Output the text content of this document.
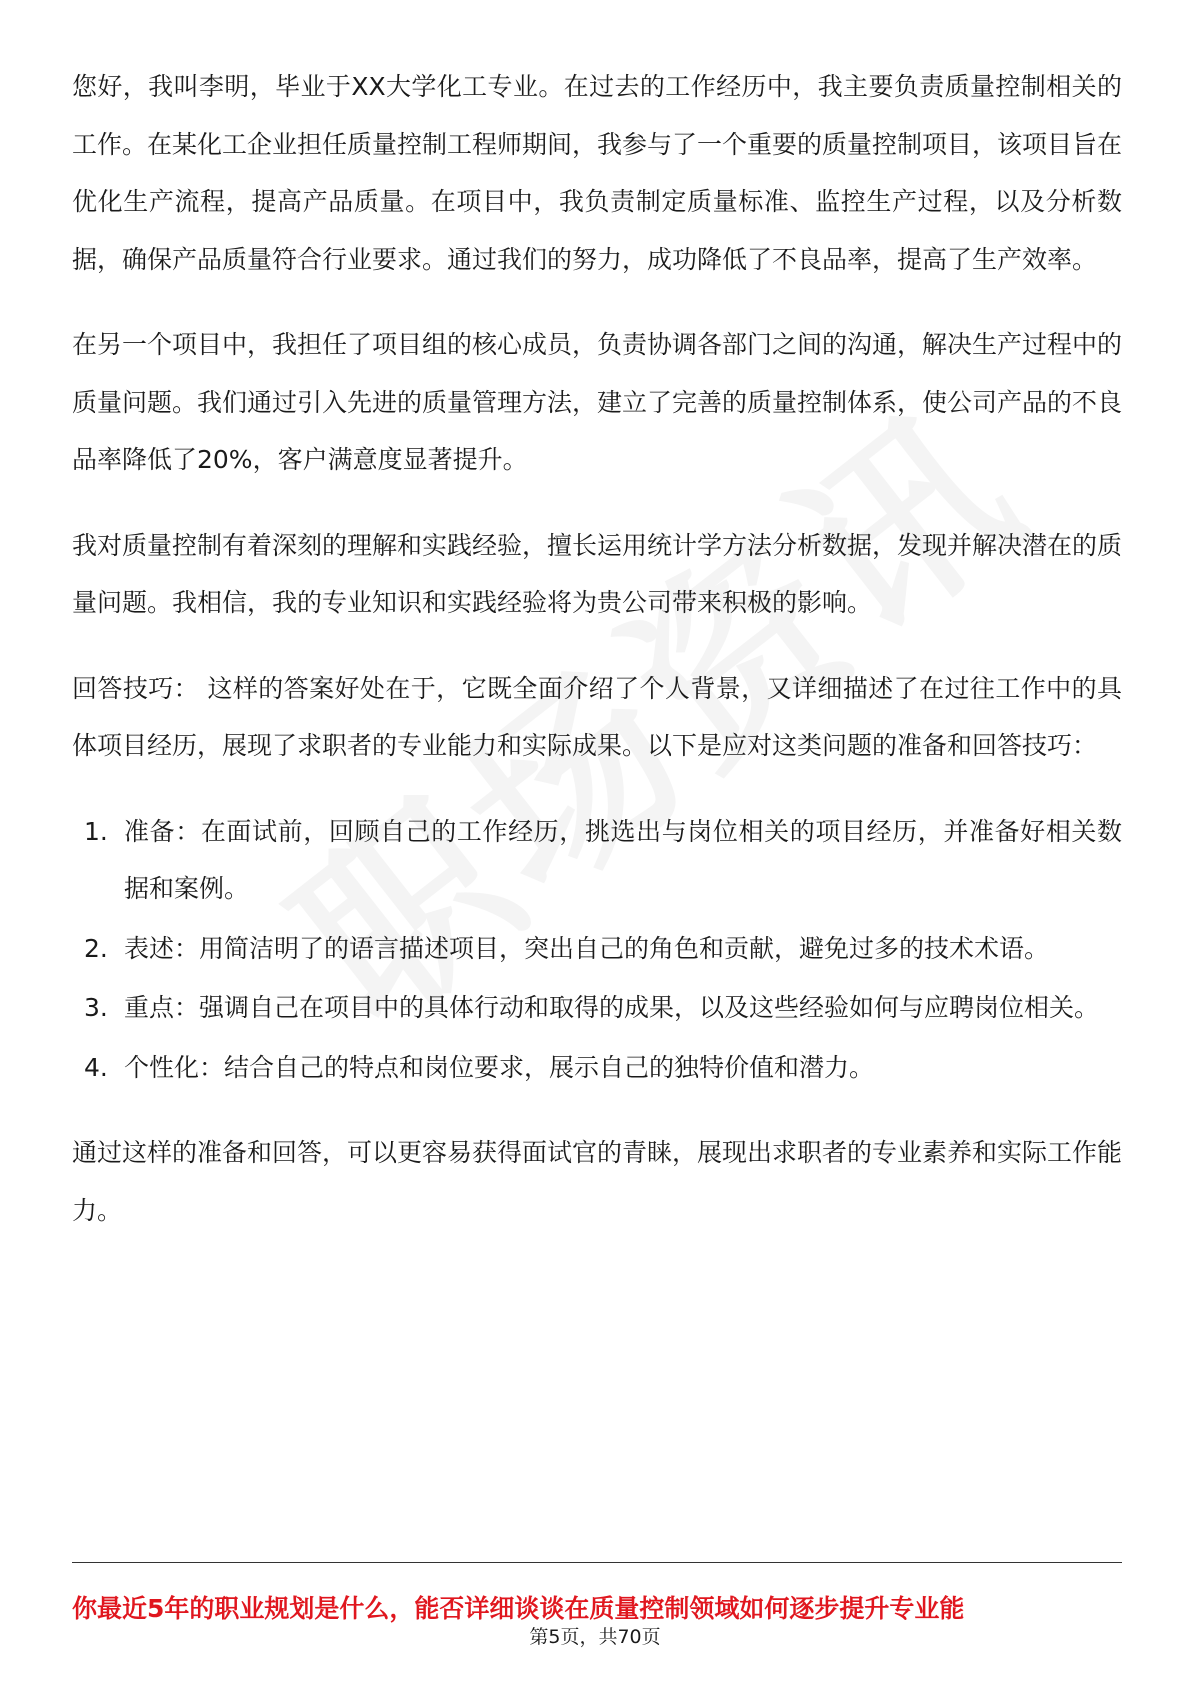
您好，我叫李明，毕业于XX大学化工专业。在过去的工作经历中，我主要负责质量控制相关的工作。在某化工企业担任质量控制工程师期间，我参与了一个重要的质量控制项目，该项目旨在优化生产流程，提高产品质量。在项目中，我负责制定质量标准、监控生产过程，以及分析数据，确保产品质量符合行业要求。通过我们的努力，成功降低了不良品率，提高了生产效率。

在另一个项目中，我担任了项目组的核心成员，负责协调各部门之间的沟通，解决生产过程中的质量问题。我们通过引入先进的质量管理方法，建立了完善的质量控制体系，使公司产品的不良品率降低了20%，客户满意度显著提升。

我对质量控制有着深刻的理解和实践经验，擅长运用统计学方法分析数据，发现并解决潜在的质量问题。我相信，我的专业知识和实践经验将为贵公司带来积极的影响。

回答技巧： 这样的答案好处在于，它既全面介绍了个人背景，又详细描述了在过往工作中的具体项目经历，展现了求职者的专业能力和实际成果。以下是应对这类问题的准备和回答技巧：

1. 准备：在面试前，回顾自己的工作经历，挑选出与岗位相关的项目经历，并准备好相关数据和案例。
2. 表述：用简洁明了的语言描述项目，突出自己的角色和贡献，避免过多的技术术语。
3. 重点：强调自己在项目中的具体行动和取得的成果，以及这些经验如何与应聘岗位相关。
4. 个性化：结合自己的特点和岗位要求，展示自己的独特价值和潜力。

通过这样的准备和回答，可以更容易获得面试官的青睐，展现出求职者的专业素养和实际工作能力。

你最近5年的职业规划是什么，能否详细谈谈在质量控制领域如何逐步提升专业能
第5页，共70页
